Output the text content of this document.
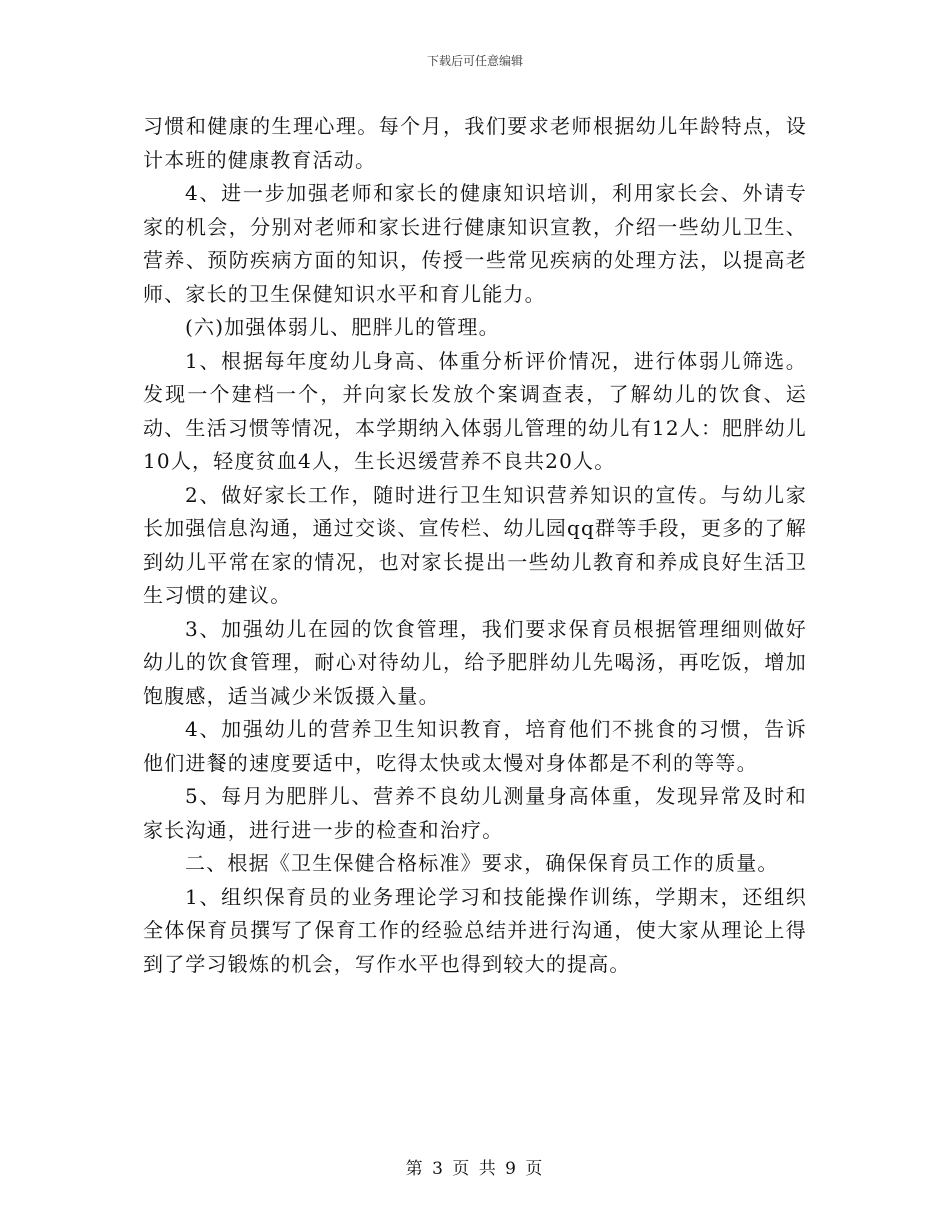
下载后可任意编辑

习惯和健康的生理心理。每个月，我们要求老师根据幼儿年龄特点，设计本班的健康教育活动。

4、进一步加强老师和家长的健康知识培训，利用家长会、外请专家的机会，分别对老师和家长进行健康知识宣教，介绍一些幼儿卫生、营养、预防疾病方面的知识，传授一些常见疾病的处理方法，以提高老师、家长的卫生保健知识水平和育儿能力。

(六)加强体弱儿、肥胖儿的管理。

1、根据每年度幼儿身高、体重分析评价情况，进行体弱儿筛选。发现一个建档一个，并向家长发放个案调查表，了解幼儿的饮食、运动、生活习惯等情况，本学期纳入体弱儿管理的幼儿有12人：肥胖幼儿10人，轻度贫血4人，生长迟缓营养不良共20人。

2、做好家长工作，随时进行卫生知识营养知识的宣传。与幼儿家长加强信息沟通，通过交谈、宣传栏、幼儿园qq群等手段，更多的了解到幼儿平常在家的情况，也对家长提出一些幼儿教育和养成良好生活卫生习惯的建议。

3、加强幼儿在园的饮食管理，我们要求保育员根据管理细则做好幼儿的饮食管理，耐心对待幼儿，给予肥胖幼儿先喝汤，再吃饭，增加饱腹感，适当减少米饭摄入量。

4、加强幼儿的营养卫生知识教育，培育他们不挑食的习惯，告诉他们进餐的速度要适中，吃得太快或太慢对身体都是不利的等等。

5、每月为肥胖儿、营养不良幼儿测量身高体重，发现异常及时和家长沟通，进行进一步的检查和治疗。

二、根据《卫生保健合格标准》要求，确保保育员工作的质量。

1、组织保育员的业务理论学习和技能操作训练，学期末，还组织全体保育员撰写了保育工作的经验总结并进行沟通，使大家从理论上得到了学习锻炼的机会，写作水平也得到较大的提高。

第 3 页 共 9 页
